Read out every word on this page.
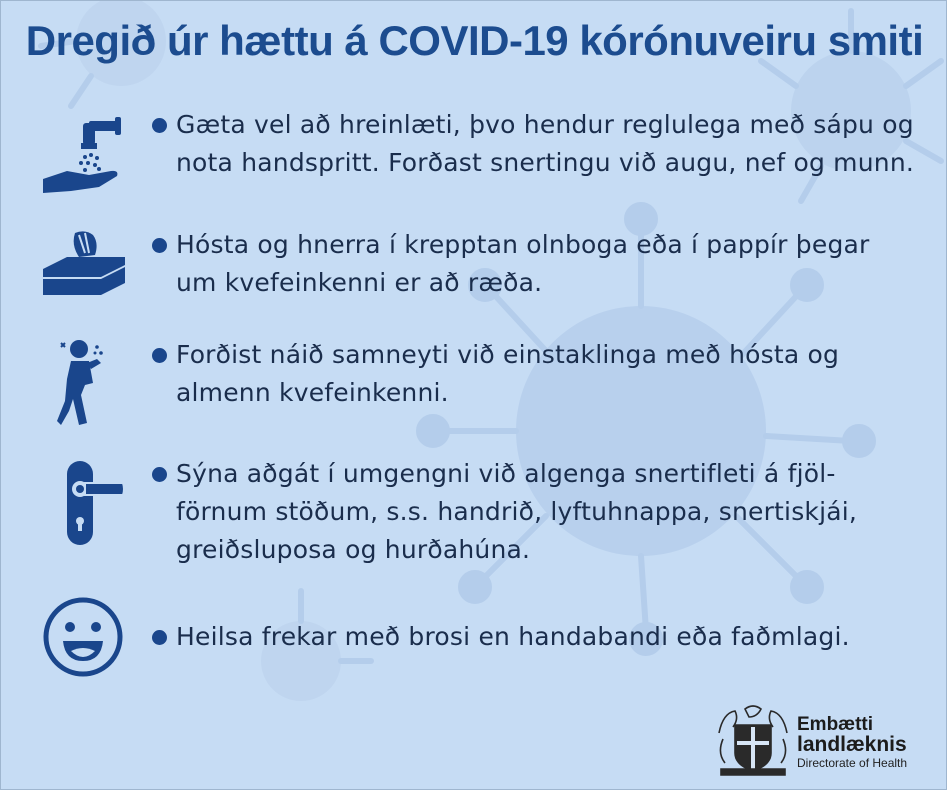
Dregið úr hættu á COVID-19 kórónuveiru smiti

Gæta vel að hreinlæti, þvo hendur reglulega með sápu og

nota handspritt. Forðast snertingu við augu, nef og munn.

Hósta og hnerra í krepptan olnboga eða í pappír þegar

um kvefeinkenni er að ræða.

Forðist náið samneyti við einstaklinga með hósta og

almenn kvefeinkenni.

Sýna aðgát í umgengni við algenga snertifleti á fjöl-

förnum stöðum, s.s. handrið, lyftuhnappa, snertiskjái,

greiðsluposa og hurðahúna.

Heilsa frekar með brosi en handabandi eða faðmlagi.

Embætti

landlæknis

Directorate of Health
